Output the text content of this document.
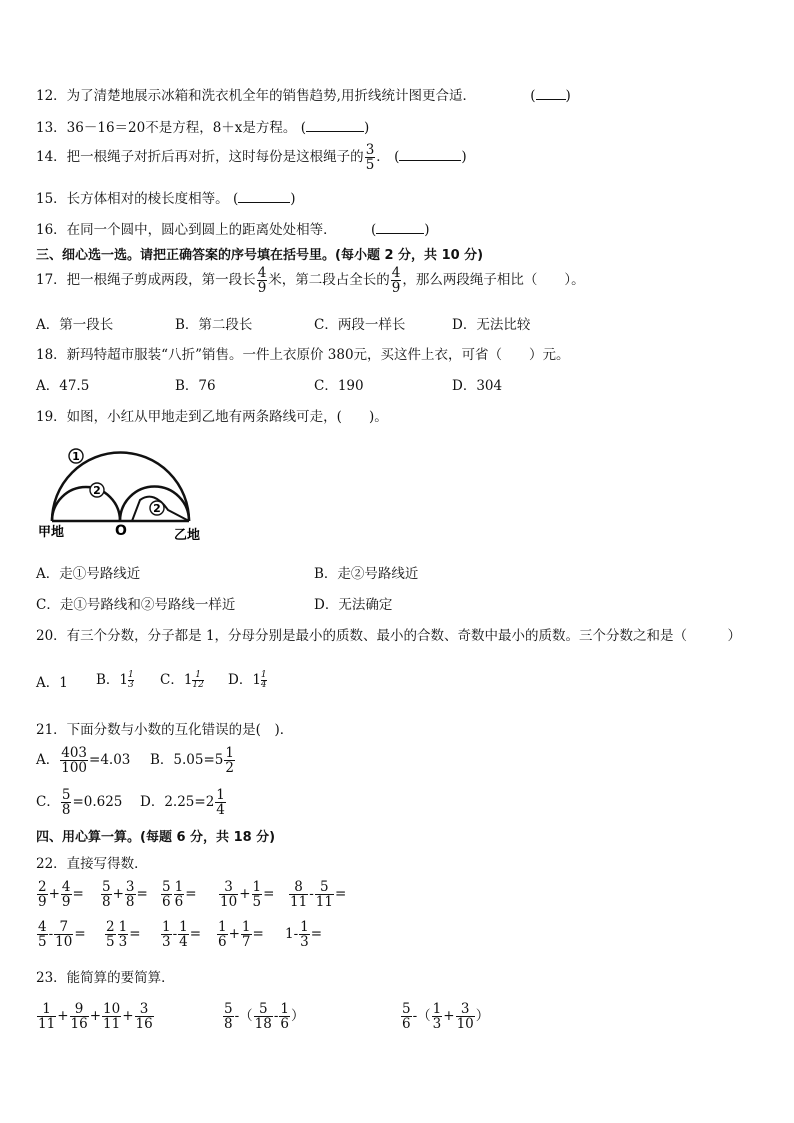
12．为了清楚地展示冰箱和洗衣机全年的销售趋势,用折线统计图更合适．	( )
13．36－16＝20不是方程，8＋x是方程。 (	)
14．把一根绳子对折后再对折，这时每份是这根绳子的 $\frac{3}{5}$ ． (	)
15．长方体相对的棱长度相等。 (	)
16．在同一个圆中，圆心到圆上的距离处处相等．	(	)
三、细心选一选。请把正确答案的序号填在括号里。(每小题 2 分，共 10 分)
17．把一根绳子剪成两段，第一段长 $\frac{4}{9}$ 米，第二段占全长的 $\frac{4}{9}$ ，那么两段绳子相比（　　）。
A．第一段长	B．第二段长	C．两段一样长	D．无法比较
18．新玛特超市服装“八折”销售。一件上衣原价 380元，买这件上衣，可省（　　）元。
A．47.5	B．76	C．190	D．304
19．如图，小红从甲地走到乙地有两条路线可走，(　　)。
1
2
2
甲地	O	乙地
A．走①号路线近	B．走②号路线近
C．走①号路线和②号路线一样近	D．无法确定
20．有三个分数，分子都是 1，分母分别是最小的质数、最小的合数、奇数中最小的质数。三个分数之和是（　　　）
A．1 B．$1 \frac{1}{3}$ C．$1 \frac{1}{12}$ D．$1 \frac{1}{4}$
21．下面分数与小数的互化错误的是(　)．
A． $\frac{403}{100} =4.03$ B．$5.05=5 \frac{1}{2}$
C． $\frac{5}{8} =0.625$ D．$2.25=2 \frac{1}{4}$
四、用心算一算。(每题 6 分，共 18 分)
22．直接写得数．
$\frac{2}{9} + \frac{4}{9} = \frac{5}{8} + \frac{3}{8} = \frac{5}{6} \frac{1}{6} = \frac{3}{10} + \frac{1}{5} = \frac{8}{11} - \frac{5}{11}$ =
$\frac{4}{5} - \frac{7}{10} = \frac{2}{5} \frac{1}{3} = \frac{1}{3} - \frac{1}{4} = \frac{1}{6} + \frac{1}{7} = 1- \frac{1}{3}$ =
23．能简算的要简算．
$\frac{1}{11} + \frac{9}{16} + \frac{10}{11} + \frac{3}{16}$	$\frac{5}{8}$ -（ $\frac{5}{18} - \frac{1}{6}$ ）	$\frac{5}{6}$ -（ $\frac{1}{3} + \frac{3}{10}$ ）
